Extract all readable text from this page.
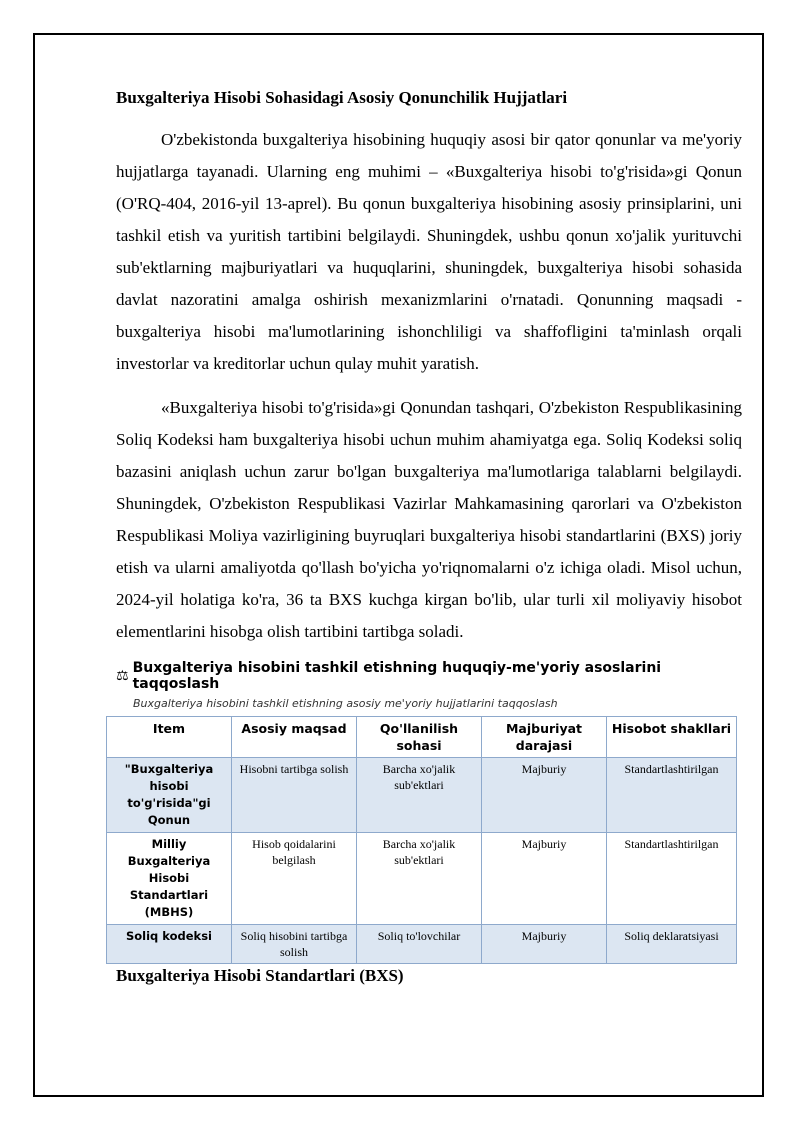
Buxgalteriya Hisobi Sohasidagi Asosiy Qonunchilik Hujjatlari

O'zbekistonda buxgalteriya hisobining huquqiy asosi bir qator qonunlar va me'yoriy hujjatlarga tayanadi. Ularning eng muhimi – «Buxgalteriya hisobi to'g'risida»gi Qonun (O'RQ-404, 2016-yil 13-aprel). Bu qonun buxgalteriya hisobining asosiy prinsiplarini, uni tashkil etish va yuritish tartibini belgilaydi. Shuningdek, ushbu qonun xo'jalik yurituvchi sub'ektlarning majburiyatlari va huquqlarini, shuningdek, buxgalteriya hisobi sohasida davlat nazoratini amalga oshirish mexanizmlarini o'rnatadi. Qonunning maqsadi - buxgalteriya hisobi ma'lumotlarining ishonchliligi va shaffofligini ta'minlash orqali investorlar va kreditorlar uchun qulay muhit yaratish.

«Buxgalteriya hisobi to'g'risida»gi Qonundan tashqari, O'zbekiston Respublikasining Soliq Kodeksi ham buxgalteriya hisobi uchun muhim ahamiyatga ega. Soliq Kodeksi soliq bazasini aniqlash uchun zarur bo'lgan buxgalteriya ma'lumotlariga talablarni belgilaydi. Shuningdek, O'zbekiston Respublikasi Vazirlar Mahkamasining qarorlari va O'zbekiston Respublikasi Moliya vazirligining buyruqlari buxgalteriya hisobi standartlarini (BXS) joriy etish va ularni amaliyotda qo'llash bo'yicha yo'riqnomalarni o'z ichiga oladi. Misol uchun, 2024-yil holatiga ko'ra, 36 ta BXS kuchga kirgan bo'lib, ular turli xil moliyaviy hisobot elementlarini hisobga olish tartibini tartibga soladi.

⚖ Buxgalteriya hisobini tashkil etishning huquqiy-me'yoriy asoslarini taqqoslash
Buxgalteriya hisobini tashkil etishning asosiy me'yoriy hujjatlarini taqqoslash
Item	Asosiy maqsad	Qo'llanilish sohasi	Majburiyat darajasi	Hisobot shakllari
"Buxgalteriya hisobi to'g'risida"gi Qonun	Hisobni tartibga solish	Barcha xo'jalik sub'ektlari	Majburiy	Standartlashtirilgan
Milliy Buxgalteriya Hisobi Standartlari (MBHS)	Hisob qoidalarini belgilash	Barcha xo'jalik sub'ektlari	Majburiy	Standartlashtirilgan
Soliq kodeksi	Soliq hisobini tartibga solish	Soliq to'lovchilar	Majburiy	Soliq deklaratsiyasi
Buxgalteriya Hisobi Standartlari (BXS)
